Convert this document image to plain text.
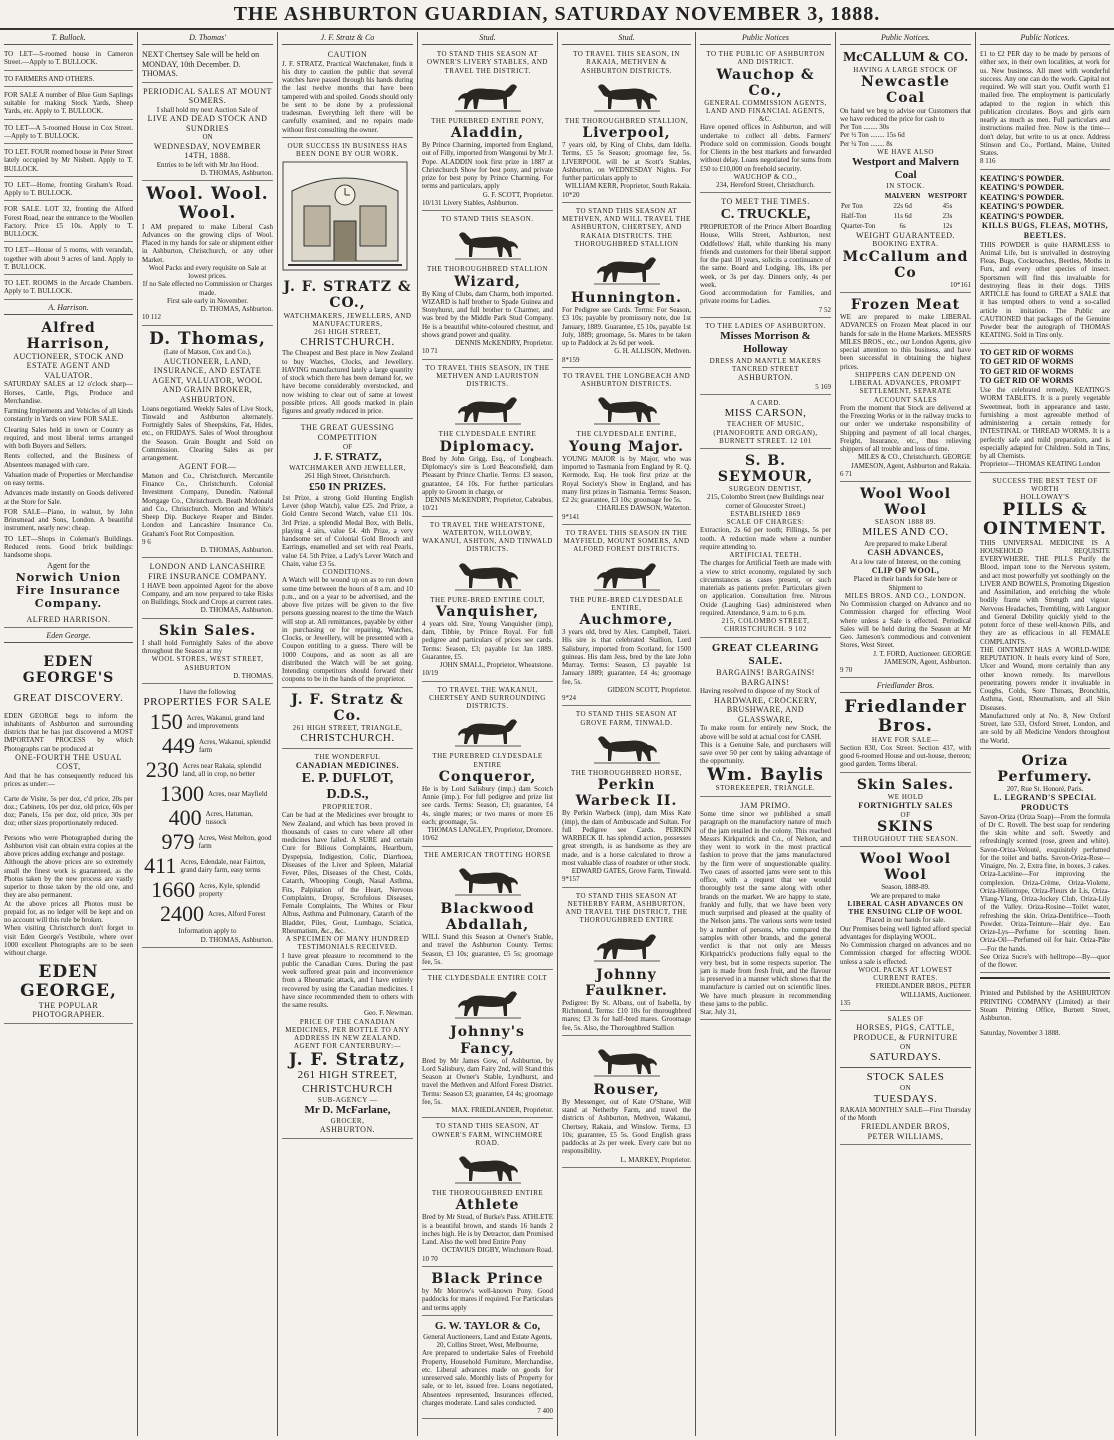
THE ASHBURTON GUARDIAN, SATURDAY NOVEMBER 3, 1888.
T. Bullock.

TO LET—5-roomed house in Cameron Street.—Apply to T. BULLOCK.

TO FARMERS AND OTHERS.

FOR SALE A number of Blue Gum Saplings suitable for making Stock Yards, Sheep Yards, etc. Apply to T. BULLOCK.

TO LET—A 5-roomed House in Cox Street.—Apply to T. BULLOCK.

TO LET. FOUR roomed house in Peter Street lately occupied by Mr Nisbett. Apply to T. BULLOCK.

TO LET—Home, fronting Graham's Road. Apply to T. BULLOCK.

FOR SALE. LOT 32, fronting the Alford Forest Road, near the entrance to the Woollen Factory. Price £5 10s. Apply to T. BULLOCK.

TO LET—House of 5 rooms, with verandah, together with about 9 acres of land. Apply to T. BULLOCK.

TO LET. ROOMS in the Arcade Chambers. Apply to T. BULLOCK.

A. Harrison.

Alfred Harrison,

AUCTIONEER, STOCK AND ESTATE AGENT AND VALUATOR.

SATURDAY SALES at 12 o'clock sharp—Horses, Cattle, Pigs, Produce and Merchandise.

Farming Implements and Vehicles of all kinds constantly in Yards on view FOR SALE.

Clearing Sales held in town or Country as required, and most liberal terms arranged with both Buyers and Sellers.

Rents collected, and the Business of Absentees managed with care.

Valuation made of Properties or Merchandise on easy terms.

Advances made instantly on Goods delivered at the Store for Sale.

FOR SALE—Piano, in walnut, by John Brinsmead and Sons, London. A beautiful instrument, nearly new: cheap.

TO LET—Shops in Coleman's Buildings. Reduced rents. Good brick buildings: handsome shops.

Agent for the

Norwich Union Fire Insurance Company.

ALFRED HARRISON.

Eden George.

EDEN GEORGE'S

GREAT DISCOVERY.

EDEN GEORGE begs to inform the inhabitants of Ashburton and surrounding districts that he has just discovered a MOST IMPORTANT PROCESS by which Photographs can be produced at

ONE-FOURTH THE USUAL COST,

And that he has consequently reduced his prices as under:—

Carte de Visite, 5s per doz, c'd price, 20s per doz.; Cabinets, 10s per doz, old price, 60s per doz; Panels, 15s per doz, old price, 30s per doz; other sizes proportionately reduced.

Persons who were Photographed during the Ashburton visit can obtain extra copies at the above prices adding exchange and postage.

Although the above prices are so extremely small the finest work is guaranteed, as the Photos taken by the new process are vastly superior to those taken by the old one, and they are also permanent.

At the above prices all Photos must be prepaid for, as no ledger will be kept and on no account will this rule be broken.

When visiting Christchurch don't forget to visit Eden George's Vestibule, where over 1000 excellent Photographs are to be seen without charge.

EDEN GEORGE,

THE POPULAR PHOTOGRAPHER.

D. Thomas'

NEXT Chertsey Sale will be held on MONDAY, 10th December. D. THOMAS.

PERIODICAL SALES AT MOUNT SOMERS.

I shall hold my next Auction Sale of

LIVE AND DEAD STOCK AND SUNDRIES

ON

WEDNESDAY, NOVEMBER 14TH, 1888.

Entries to be left with Mr Jno Hood.

D. THOMAS, Ashburton.

Wool. Wool. Wool.

I AM prepared to make Liberal Cash Advances on the growing clips of Wool. Placed in my hands for sale or shipment either in Ashburton, Christchurch, or any other Market.

Wool Packs and every requisite on Sale at lowest prices.

If no Sale effected no Commission or Charges made.

First sale early in November.

D. THOMAS, Ashburton.

10 112

D. Thomas,

(Late of Matson, Cox and Co.),

AUCTIONEER, LAND, INSURANCE, AND ESTATE AGENT, VALUATOR, WOOL AND GRAIN BROKER, ASHBURTON.

Loans negotiated. Weekly Sales of Live Stock, Tinwald and Ashburton alternately. Fortnightly Sales of Sheepskins, Fat, Hides, etc., on FRIDAYS. Sales of Wool throughout the Season. Grain Bought and Sold on Commission. Clearing Sales as per arrangement.

AGENT FOR—

Matson and Co., Christchurch. Mercantile Finance Co., Christchurch. Colonial Investment Company, Dunedin. National Mortgage Co., Christchurch. Beath Mcdonald and Co., Christchurch. Morton and White's Sheep Dip. Buckeye Reaper and Binder. London and Lancashire Insurance Co. Graham's Foot Rot Composition.

9 6

D. THOMAS, Ashburton.

LONDON AND LANCASHIRE FIRE INSURANCE COMPANY.

I HAVE been appointed Agent for the above Company, and am now prepared to take Risks on Buildings, Stock and Crops at current rates.

D. THOMAS, Ashburton.

Skin Sales.

I shall hold Fortnightly Sales of the above throughout the Season at my

WOOL STORES, WEST STREET, ASHBURTON

D. THOMAS.

I have the following

PROPERTIES FOR SALE

150 Acres, Wakanui, grand land and improvements
449 Acres, Wakanui, splendid farm
230 Acres near Rakaia, splendid land, all in crop, no better
1300 Acres, near Mayfield
400 Acres, Hatuman, tussock
979 Acres, West Melton, good farm
411 Acres, Edendale, near Fairton, grand dairy farm, easy terms
1660 Acres, Kyle, splendid property
2400 Acres, Alford Forest

Information apply to

D. THOMAS, Ashburton.

J. F. Stratz & Co

CAUTION

J. F. STRATZ, Practical Watchmaker, finds it his duty to caution the public that several watches have passed through his hands during the last twelve months that have been tampered with and spoiled. Goods should only be sent to be done by a professional tradesman. Everything left there will be carefully examined, and no repairs made without first consulting the owner.

OUR SUCCESS IN BUSINESS HAS BEEN DONE BY OUR WORK.

J. F. STRATZ & CO.,

WATCHMAKERS, JEWELLERS, AND MANUFACTURERS,

261 HIGH STREET,

CHRISTCHURCH.

The Cheapest and Best place in New Zealand to buy Watches, Clocks, and Jewellery. HAVING manufactured lately a large quantity of stock which there has been demand for, we have become considerably overstocked, and now wishing to clear out of same at lowest possible prices. All goods marked in plain figures and greatly reduced in price.

THE GREAT GUESSING COMPETITION

OF

J. F. STRATZ,

WATCHMAKER AND JEWELLER,

261 High Street, Christchurch.

£50 IN PRIZES.

1st Prize, a strong Gold Hunting English Lever (shop Watch), value £25. 2nd Prize, a Gold Centre Second Watch, value £11 10s. 3rd Prize, a splendid Medal Box, with Bells, playing 4 airs, value £4. 4th Prize, a very handsome set of Colonial Gold Brooch and Earrings, enamelled and set with real Pearls, value £4. 5th Prize, a Lady's Lever Watch and Chain, value £3 5s.

CONDITIONS.

A Watch will be wound up on as to run down some time between the hours of 8 a.m. and 10 p.m., and on a year to be advertised, and the above five prizes will be given to the five persons guessing nearest to the time the Watch will stop at. All remittances, payable by either in purchasing or for repairing, Watches, Clocks, or Jewellery, will be presented with a Coupon entitling to a guess. There will be 1000 Coupons, and as soon as all are distributed the Watch will be set going. Intending competitors should forward their coupons to be in the hands of the proprietor.

J. F. Stratz & Co.

261 HIGH STREET, TRIANGLE,

CHRISTCHURCH.

THE WONDERFUL

CANADIAN MEDICINES.

E. P. DUFLOT, D.D.S.,

PROPRIETOR.

Can be had at the Medicines ever brought to New Zealand, and which has been proved in thousands of cases to cure where all other medicines have failed. A SURE and certain Cure for Bilious Complaints, Heartburn, Dyspepsia, Indigestion, Colic, Diarrhoea, Diseases of the Liver and Spleen, Malarial Fever, Piles, Diseases of the Chest, Colds, Catarrh, Whooping Cough, Nasal Asthma, Fits, Palpitation of the Heart, Nervous Complaints, Dropsy, Scrofulous Diseases, Female Complaints, The Whites or Fleur Albus, Asthma and Pulmonary, Catarrh of the Bladder, Piles, Gout, Lumbago, Sciatica, Rheumatism, &c., &c.

A SPECIMEN OF MANY HUNDRED TESTIMONIALS RECEIVED.

I have great pleasure to recommend to the public the Canadian Cures. During the past week suffered great pain and inconvenience from a Rheumatic attack, and I have entirely recovered by using the Canadian medicines. I have since recommended them to others with the same results.

Geo. F. Newman.

PRICE OF THE CANADIAN MEDICINES, PER BOTTLE TO ANY ADDRESS IN NEW ZEALAND.

AGENT FOR CANTERBURY:—

J. F. Stratz,

261 HIGH STREET,

CHRISTCHURCH

SUB-AGENCY —

Mr D. McFarlane,

GROCER,

ASHBURTON.

Stud.

TO STAND THIS SEASON AT OWNER'S LIVERY STABLES, AND TRAVEL THE DISTRICT.

THE PUREBRED ENTIRE PONY,

Aladdin,

By Prince Charming, imported from England, out of Filly, imported from Wangonui by Mr J. Pope. ALADDIN took first prize in 1887 at Christchurch Show for best pony, and private prize for best pony by Prince Charming. For terms and particulars, apply

G. F. SCOTT, Proprietor.

10/131 Livery Stables, Ashburton.

TO STAND THIS SEASON.

THE THOROUGHBRED STALLION

Wizard,

By King of Clubs, dam Charm, both imported. WIZARD is half brother to Spade Guinea and Stonyhurst, and full brother to Charmer, and was bred by the Middle Park Stud Company. He is a beautiful white-coloured chestnut, and shows grand power and quality.

DENNIS McKENDRY, Proprietor.

10 71

TO TRAVEL THIS SEASON, IN THE METHVEN AND LAURISTON DISTRICTS.

THE CLYDESDALE ENTIRE

Diplomacy.

Bred by John Grigg, Esq., of Longbeach. Diplomacy's sire is Lord Beaconsfield, dam Pleasant by Prince Charlie. Terms: £3 season, guarantee, £4 10s. For further particulars apply to Groom in charge, or

DENNIS McKENDRY, Proprietor, Cabrabus.

10/21

TO TRAVEL THE WHEATSTONE, WATERTON, WILLOWBY, WAKANUI, ASHTON, AND TINWALD DISTRICTS.

THE PURE-BRED ENTIRE COLT,

Vanquisher,

4 years old. Sire, Young Vanquisher (imp), dam, Tibbie, by Prince Royal. For full pedigree and particulars of prices see cards. Terms: Season, £3; payable 1st Jan 1889. Guarantee, £5.

JOHN SMALL, Proprietor, Wheatstone.

10/19

TO TRAVEL THE WAKANUI, CHERTSEY AND SURROUNDING DISTRICTS.

THE PUREBRED CLYDESDALE ENTIRE

Conqueror,

He is by Lord Salisbury (imp.) dam Scotch Annie (imp.). For full pedigree and prize list see cards. Terms: Season, £3; guarantee, £4 4s, single mares; or two mares or more £6 each; groomage, 5s.

THOMAS LANGLEY, Proprietor, Dromore.

10/62

THE AMERICAN TROTTING HORSE

Blackwood Abdallah,

WILL Stand this Season at Owner's Stable, and travel the Ashburton County. Terms: Season, £3 10s; guarantee, £5 5s; groomage fee, 5s.

THE CLYDESDALE ENTIRE COLT

Johnny's Fancy,

Bred by Mr James Gow, of Ashburton, by Lord Salisbury, dam Fairy 2nd, will Stand this Season at Owner's Stable, Lyndhurst, and travel the Methven and Alford Forest District. Terms: Season £3; guarantee, £4 4s; groomage fee, 5s.

MAX. FRIEDLANDER, Proprietor.

TO STAND THIS SEASON, AT OWNER'S FARM, WINCHMORE ROAD.

THE THOROUGHBRED ENTIRE

Athlete

Bred by Mr Stead, of Burke's Pass. ATHLETE is a beautiful brown, and stands 16 hands 2 inches high. He is by Detractor, dam Promised Land. Also the well bred Entire Pony

OCTAVIUS DIGBY, Winchmore Road.

10 70

Black Prince

by Mr Morrow's well-known Pony. Good paddocks for mares if required. For Particulars and terms apply

G. W. TAYLOR & Co,

General Auctioneers, Land and Estate Agents,

20, Collins Street, West, Melbourne,

Are prepared to undertake Sales of Freehold Property, Household Furniture, Merchandise, etc. Liberal advances made on goods for unreserved sale. Monthly lists of Property for sale, or to let, issued free. Loans negotiated, Absentees represented, Insurances effected, charges moderate. Land sales conducted.

7 400

Stud.

TO TRAVEL THIS SEASON, IN RAKAIA, METHVEN & ASHBURTON DISTRICTS.

THE THOROUGHBRED STALLION,

Liverpool,

7 years old, by King of Clubs, dam Idella. Terms, £5 5s Season; groomage fee, 5s. LIVERPOOL will be at Scott's Stables, Ashburton, on WEDNESDAY Nights. For further particulars apply to

WILLIAM KERR, Proprietor, South Rakaia.

10*20

TO STAND THIS SEASON AT METHVEN, AND WILL TRAVEL THE ASHBURTON, CHERTSEY, AND RAKAIA DISTRICTS. THE THOROUGHBRED STALLION

Hunnington.

For Pedigree see Cards. Terms: For Season, £3 10s; payable by promissory note, due 1st January, 1889. Guarantee, £5 10s, payable 1st July, 1889; groomage, 5s. Mares to be taken up to Paddock at 2s 6d per week.

G. H. ALLISON, Methven.

8*159

TO TRAVEL THE LONGBEACH AND ASHBURTON DISTRICTS.

THE CLYDESDALE ENTIRE,

Young Major.

YOUNG MAJOR is by Major, who was imported to Tasmania from England by R. Q. Kermode, Esq. He took first prize at the Royal Society's Show in England, and has many first prizes in Tasmania. Terms: Season, £2 2s; guarantee, £3 10s; groomage fee 5s.

CHARLES DAWSON, Waterton.

9*141

TO TRAVEL THIS SEASON IN THE MAYFIELD, MOUNT SOMERS, AND ALFORD FOREST DISTRICTS.

THE PURE-BRED CLYDESDALE ENTIRE,

Auchmore,

3 years old, bred by Alex. Campbell, Taieri. His sire is that celebrated Stallion, Lord Salisbury, imported from Scotland, for 1500 guineas. His dam Jess, bred by the late John Murray. Terms: Season, £3 payable 1st January 1889; guarantee, £4 4s; groomage fee, 5s.

GIDEON SCOTT, Proprietor.

9*24

TO STAND THIS SEASON AT GROVE FARM, TINWALD.

THE THOROUGHBRED HORSE,

Perkin Warbeck II.

By Perkin Warbeck (imp), dam Miss Kate (imp), the dam of Ambuscade and Sultan. For full Pedigree see Cards. PERKIN WARBECK II. has splendid action, possesses great strength, is as handsome as they are made, and is a horse calculated to throw a most valuable class of roadster or other stock.

EDWARD GATES, Grove Farm, Tinwald.

9*157

TO STAND THIS SEASON AT NETHERBY FARM, ASHBURTON, AND TRAVEL THE DISTRICT, THE THOROUGHBRED ENTIRE

Johnny Faulkner.

Pedigree: By St. Albans, out of Isabella, by Richmond, Terms: £10 10s for thoroughbred mares; £3 3s for half-bred mares. Groomage fee, 5s. Also, the Thoroughbred Stallion

Rouser,

By Messenger, out of Kate O'Shane, Will stand at Netherby Farm, and travel the districts of Ashburton, Methven, Wakanui, Chertsey, Rakaia, and Winslow. Terms, £3 10s; guarantee, £5 5s. Good English grass paddocks at 2s per week. Every care but no responsibility.

L. MARKEY, Proprietor.

Public Notices

TO THE PUBLIC OF ASHBURTON AND DISTRICT.

Wauchop & Co.,

GENERAL COMMISSION AGENTS, LAND AND FINANCIAL AGENTS, &C.

Have opened offices in Ashburton, and will undertake to collect all debts. Farmers' Produce sold on commission. Goods bought for Clients in the best markets and forwarded without delay. Loans negotiated for sums from £50 to £10,000 on freehold security.

WAUCHOP & CO.,

234, Hereford Street, Christchurch.

TO MEET THE TIMES.

C. TRUCKLE,

PROPRIETOR of the Prince Albert Boarding House, Wills Street, Ashburton, next Oddfellows' Hall, while thanking his many friends and customers for their liberal support for the past 10 years, solicits a continuance of the same. Board and Lodging, 18s, 18s per week, or 3s per day. Dinners only, 4s per week.

Good accommodation for Families, and private rooms for Ladies.

7 52

TO THE LADIES OF ASHBURTON.

Misses Morrison & Holloway

DRESS AND MANTLE MAKERS

TANCRED STREET

ASHBURTON.

5 169

A CARD.

MISS CARSON,

TEACHER OF MUSIC,

(PIANOFORTE AND ORGAN),

BURNETT STREET. 12 101

S. B. SEYMOUR,

SURGEON DENTIST,

215, Colombo Street (new Buildings near corner of Gloucester Street.)

ESTABLISHED 1869

SCALE OF CHARGES:

Extraction, 2s 6d per tooth; Fillings, 5s per tooth. A reduction made where a number require attending to.

ARTIFICIAL TEETH.

The charges for Artificial Teeth are made with a view to strict economy, regulated by such circumstances as cases present, or such materials as patients prefer. Particulars given on application. Consultation free. Nitrous Oxide (Laughing Gas) administered when required. Attendance, 9 a.m. to 6 p.m.

215, COLOMBO STREET, CHRISTCHURCH. 9 102

GREAT CLEARING SALE.

BARGAINS! BARGAINS! BARGAINS!

Having resolved to dispose of my Stock of

HARDWARE, CROCKERY, BRUSHWARE, AND GLASSWARE,

To make room for entirely new Stock, the above will be sold at actual cost for CASH.

This is a Genuine Sale, and purchasers will save over 50 per cent by taking advantage of the opportunity.

Wm. Baylis

STOREKEEPER, TRIANGLE.

JAM PRIMO.

Some time since we published a small paragraph on the manufactory nature of much of the jam retailed in the colony. This reached Messrs Kirkpatrick and Co., of Nelson, and they went to work in the most practical fashion to prove that the jams manufactured by the firm were of unquestionable quality. Two cases of assorted jams were sent to this office, with a request that we would thoroughly test the same along with other brands on the market. We are happy to state, frankly and fully, that we have been very much surprised and pleased at the quality of the Nelson jams. The various sorts were tested by a number of persons, who compared the samples with other brands, and the general verdict is that not only are Messrs Kirkpatrick's productions fully equal to the very best, but in some respects superior. The jam is made from fresh fruit, and the flavour is preserved in a manner which shows that the manufacture is carried out on scientific lines. We have much pleasure in recommending these jams to the public.

Star, July 31,

Public Notices.

McCALLUM & CO.

HAVING A LARGE STOCK OF

Newcastle Coal

On hand we beg to advise our Customers that we have reduced the price for cash to

Per Ton ........ 30s

Per ½ Ton ........ 15s 6d

Per ¼ Ton ........ 8s

WE HAVE ALSO

Westport and Malvern Coal

IN STOCK.

	MALVERN	WESTPORT
Per Ton	22s 6d	45s
Half-Ton	11s 6d	23s
Quarter-Ton	6s	12s

WEIGHT GUARANTEED.

BOOKING EXTRA.

McCallum and Co

10*161

Frozen Meat

WE are prepared to make LIBERAL ADVANCES on Frozen Meat placed in our hands for sale in the Home Markets. MESSRS MILES BROS., etc., our London Agents, give special attention to this business, and have been successful in obtaining the highest prices.

SHIPPERS CAN DEPEND ON LIBERAL ADVANCES, PROMPT SETTLEMENT, SEPARATE ACCOUNT SALES

From the moment that Stock are delivered at the Freezing Works or in the railway trucks to our order we undertake responsibility of Shipping and payment of all local charges, Freight, Insurance, etc., thus relieving shippers of all trouble and loss of time.

MILES & CO., Christchurch. GEORGE JAMESON, Agent, Ashburton and Rakaia.

6 71

Wool Wool Wool

SEASON 1888 89.

MILES AND CO.

Are prepared to make Liberal

CASH ADVANCES,

At a low rate of Interest, on the coming

CLIP OF WOOL,

Placed in their hands for Sale here or Shipment to

MILES BROS. AND CO., LONDON.

No Commission charged on Advance and no Commission charged for effecting Wool where unless a Sale is effected. Periodical Sales will be held during the Season at Mr Geo. Jameson's commodious and convenient Stores, West Street.

J. T. FORD, Auctioneer. GEORGE JAMESON, Agent, Ashburton.

9 70

Friedlander Bros.

Friedlander Bros.

HAVE FOR SALE—

Section 830, Cox Street. Section 437, with good 6-roomed House and out-house, thereon; good garden. Terms liberal.

Skin Sales.

WE HOLD

FORTNIGHTLY SALES

OF

SKINS

THROUGHOUT THE SEASON.

Wool Wool Wool

Season, 1888-89.

We are prepared to make

LIBERAL CASH ADVANCES ON THE ENSUING CLIP OF WOOL

Placed in our hands for sale.

Our Premises being well lighted afford special advantages for displaying WOOL.

No Commission charged on advances and no Commission charged for effecting WOOL unless a sale is effected.

WOOL PACKS AT LOWEST CURRENT RATES.

FRIEDLANDER BROS., PETER WILLIAMS, Auctioneer.

135

SALES OF

HORSES, PIGS, CATTLE, PRODUCE, & FURNITURE

ON

SATURDAYS.

STOCK SALES

ON

TUESDAYS.

RAKAIA MONTHLY SALE—First Thursday of the Month

FRIEDLANDER BROS,

PETER WILLIAMS,

Public Notices.

£1 to £2 PER day to be made by persons of either sex, in their own localities, at work for us. New business. All meet with wonderful success. Any one can do the work. Capital not required. We will start you. Outfit worth £1 mailed free. The employment is particularly adapted to the region in which this publication circulates. Boys and girls earn nearly as much as men. Full particulars and instructions mailed free. Now is the time—don't delay, but write to us at once. Address Stinson and Co., Portland, Maine, United States.

8 116

KEATING'S POWDER.

KEATING'S POWDER.

KEATING'S POWDER.

KEATING'S POWDER.

KEATING'S POWDER.

KILLS BUGS, FLEAS, MOTHS, BEETLES.

THIS POWDER is quite HARMLESS to Animal Life, but is unrivalled in destroying Fleas, Bugs, Cockroaches, Beetles, Moths in Furs, and every other species of insect. Sportsmen will find this invaluable for destroying fleas in their dogs. THIS ARTICLE has found to GREAT a SALE that it has tempted others to vend a so-called article in imitation. The Public are CAUTIONED that packages of the Genuine Powder bear the autograph of THOMAS KEATING. Sold in Tins only.

TO GET RID OF WORMS

TO GET RID OF WORMS

TO GET RID OF WORMS

TO GET RID OF WORMS

Use the celebrated remedy, KEATING'S WORM TABLETS. It is a purely vegetable Sweetmeat, both in appearance and taste, furnishing a most agreeable method of administering a certain remedy for INTESTINAL or THREAD WORMS. It is a perfectly safe and mild preparation, and is especially adapted for Children. Sold in Tins, by all Chemists.

Proprietor—THOMAS KEATING London

SUCCESS THE BEST TEST OF WORTH

HOLLOWAY'S

PILLS & OINTMENT.

THIS UNIVERSAL MEDICINE IS A HOUSEHOLD REQUISITE EVERYWHERE. THE PILLS Purify the Blood, impart tone to the Nervous system, and act most powerfully yet soothingly on the LIVER AND BOWELS, Promoting Digestion and Assimilation, and enriching the whole bodily frame with Strength and vigour. Nervous Headaches, Trembling, with Languor and General Debility quickly yield to the potent force of these well-known Pills, and they are as efficacious in all FEMALE COMPLAINTS.

THE OINTMENT HAS A WORLD-WIDE REPUTATION. It heals every kind of Sore, Ulcer and Wound, more certainly than any other known remedy. Its marvellous penetrating powers render it invaluable in Coughs, Colds, Sore Throats, Bronchitis, Asthma, Gout, Rheumatism, and all Skin Diseases.

Manufactured only at No. 8, New Oxford Street, late 533, Oxford Street, London, and are sold by all Medicine Vendors throughout the World.

Oriza Perfumery.

207, Rue St. Honoré, Paris.

L. LEGRAND'S SPECIAL PRODUCTS

Savon-Oriza (Oriza Soap)—From the formula of Dr C. Rovell. The best soap for rendering the skin white and soft. Sweetly and refreshingly scented (rose, green and white). Savon-Oriza-Velouté, exquisitely perfumed for the toilet and baths. Savon-Oriza-Rose—Vinaigre, No. 2, Extra fine, in boxes, 3 cakes. Oriza-Lactéine—For improving the complexion. Oriza-Crème, Oriza-Violette, Oriza-Héliotrope, Oriza-Fleurs de Lis, Oriza-Ylang-Ylang, Oriza-Jockey Club, Oriza-Lily of the Valley. Oriza-Rosine—Toilet water, refreshing the skin. Oriza-Dentifrice—Tooth Powder. Oriza-Teinture—Hair dye. Eau Orize-Lys—Perfume for scenting linen. Oriza-Oil—Perfumed oil for hair. Oriza-Pâte—For the hands.

See Oriza Sucre's with helltrope—By—quor of the flower.

Printed and Published by the ASHBURTON PRINTING COMPANY (Limited) at their Steam Printing Office, Burnett Street, Ashburton.

Saturday, November 3 1888.
